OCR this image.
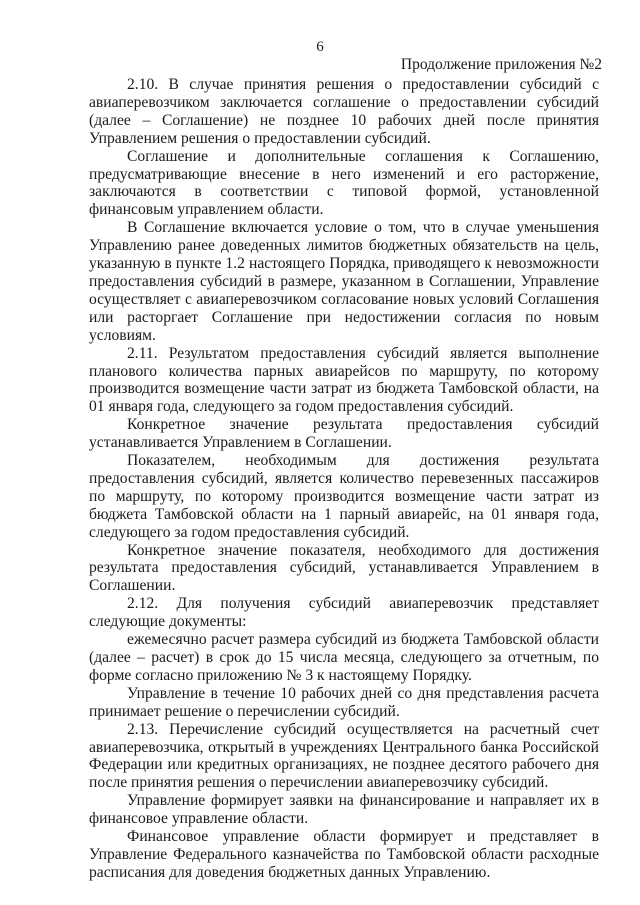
6
Продолжение приложения №2

2.10. В случае принятия решения о предоставлении субсидий с авиаперевозчиком заключается соглашение о предоставлении субсидий (далее – Соглашение) не позднее 10 рабочих дней после принятия Управлением решения о предоставлении субсидий.

Соглашение и дополнительные соглашения к Соглашению, предусматривающие внесение в него изменений и его расторжение, заключаются в соответствии с типовой формой, установленной финансовым управлением области.

В Соглашение включается условие о том, что в случае уменьшения Управлению ранее доведенных лимитов бюджетных обязательств на цель, указанную в пункте 1.2 настоящего Порядка, приводящего к невозможности предоставления субсидий в размере, указанном в Соглашении, Управление осуществляет с авиаперевозчиком согласование новых условий Соглашения или расторгает Соглашение при недостижении согласия по новым условиям.

2.11. Результатом предоставления субсидий является выполнение планового количества парных авиарейсов по маршруту, по которому производится возмещение части затрат из бюджета Тамбовской области, на 01 января года, следующего за годом предоставления субсидий.

Конкретное значение результата предоставления субсидий устанавливается Управлением в Соглашении.

Показателем, необходимым для достижения результата предоставления субсидий, является количество перевезенных пассажиров по маршруту, по которому производится возмещение части затрат из бюджета Тамбовской области на 1 парный авиарейс, на 01 января года, следующего за годом предоставления субсидий.

Конкретное значение показателя, необходимого для достижения результата предоставления субсидий, устанавливается Управлением в Соглашении.

2.12. Для получения субсидий авиаперевозчик представляет следующие документы:

ежемесячно расчет размера субсидий из бюджета Тамбовской области (далее – расчет) в срок до 15 числа месяца, следующего за отчетным, по форме согласно приложению № 3 к настоящему Порядку.

Управление в течение 10 рабочих дней со дня представления расчета принимает решение о перечислении субсидий.

2.13. Перечисление субсидий осуществляется на расчетный счет авиаперевозчика, открытый в учреждениях Центрального банка Российской Федерации или кредитных организациях, не позднее десятого рабочего дня после принятия решения о перечислении авиаперевозчику субсидий.

Управление формирует заявки на финансирование и направляет их в финансовое управление области.

Финансовое управление области формирует и представляет в Управление Федерального казначейства по Тамбовской области расходные расписания для доведения бюджетных данных Управлению.
